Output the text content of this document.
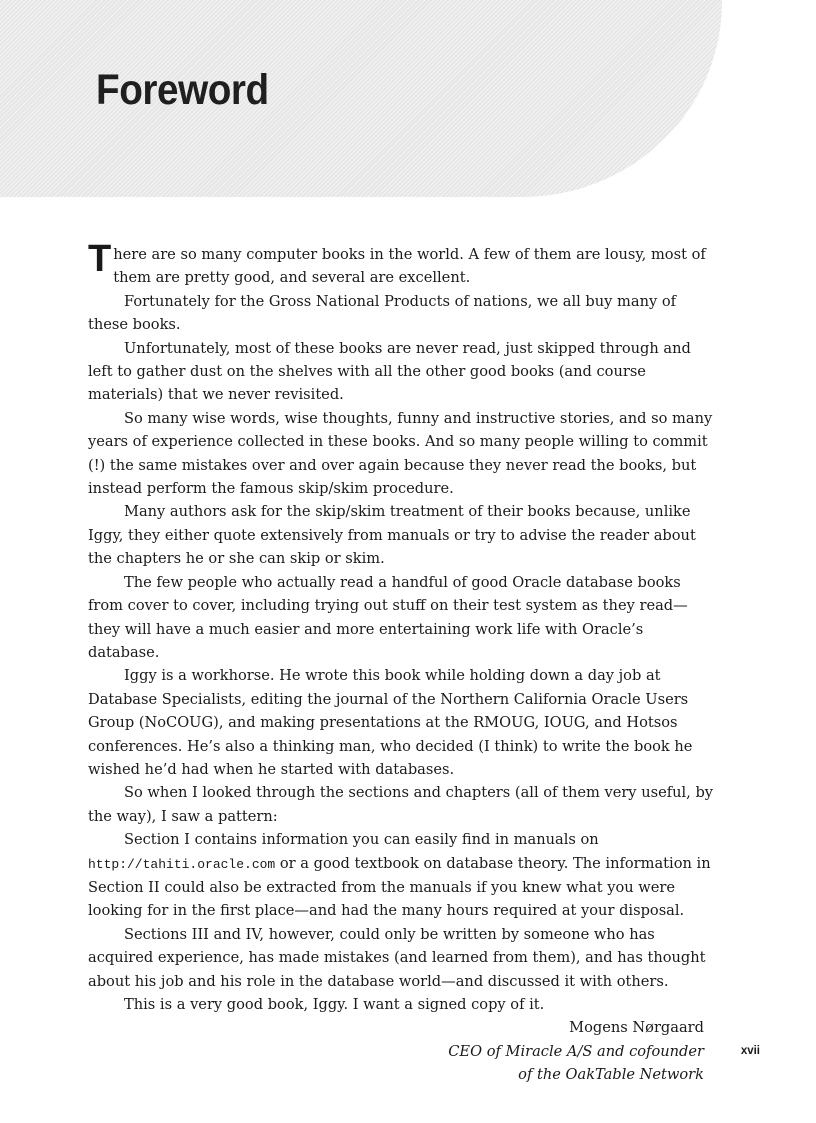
Foreword

There are so many computer books in the world. A few of them are lousy, most of them are pretty good, and several are excellent.

Fortunately for the Gross National Products of nations, we all buy many of these books.

Unfortunately, most of these books are never read, just skipped through and left to gather dust on the shelves with all the other good books (and course materials) that we never revisited.

So many wise words, wise thoughts, funny and instructive stories, and so many years of experience collected in these books. And so many people willing to commit (!) the same mistakes over and over again because they never read the books, but instead perform the famous skip/skim procedure.

Many authors ask for the skip/skim treatment of their books because, unlike Iggy, they either quote extensively from manuals or try to advise the reader about the chapters he or she can skip or skim.

The few people who actually read a handful of good Oracle database books from cover to cover, including trying out stuff on their test system as they read—they will have a much easier and more entertaining work life with Oracle’s database.

Iggy is a workhorse. He wrote this book while holding down a day job at Database Specialists, editing the journal of the Northern California Oracle Users Group (NoCOUG), and making presentations at the RMOUG, IOUG, and Hotsos conferences. He’s also a thinking man, who decided (I think) to write the book he wished he’d had when he started with databases.

So when I looked through the sections and chapters (all of them very useful, by the way), I saw a pattern:

Section I contains information you can easily find in manuals on http://tahiti.oracle.com or a good textbook on database theory. The information in Section II could also be extracted from the manuals if you knew what you were looking for in the first place—and had the many hours required at your disposal.

Sections III and IV, however, could only be written by someone who has acquired experience, has made mistakes (and learned from them), and has thought about his job and his role in the database world—and discussed it with others.

This is a very good book, Iggy. I want a signed copy of it.

Mogens Nørgaard
CEO of Miracle A/S and cofounder
of the OakTable Network
xvii
